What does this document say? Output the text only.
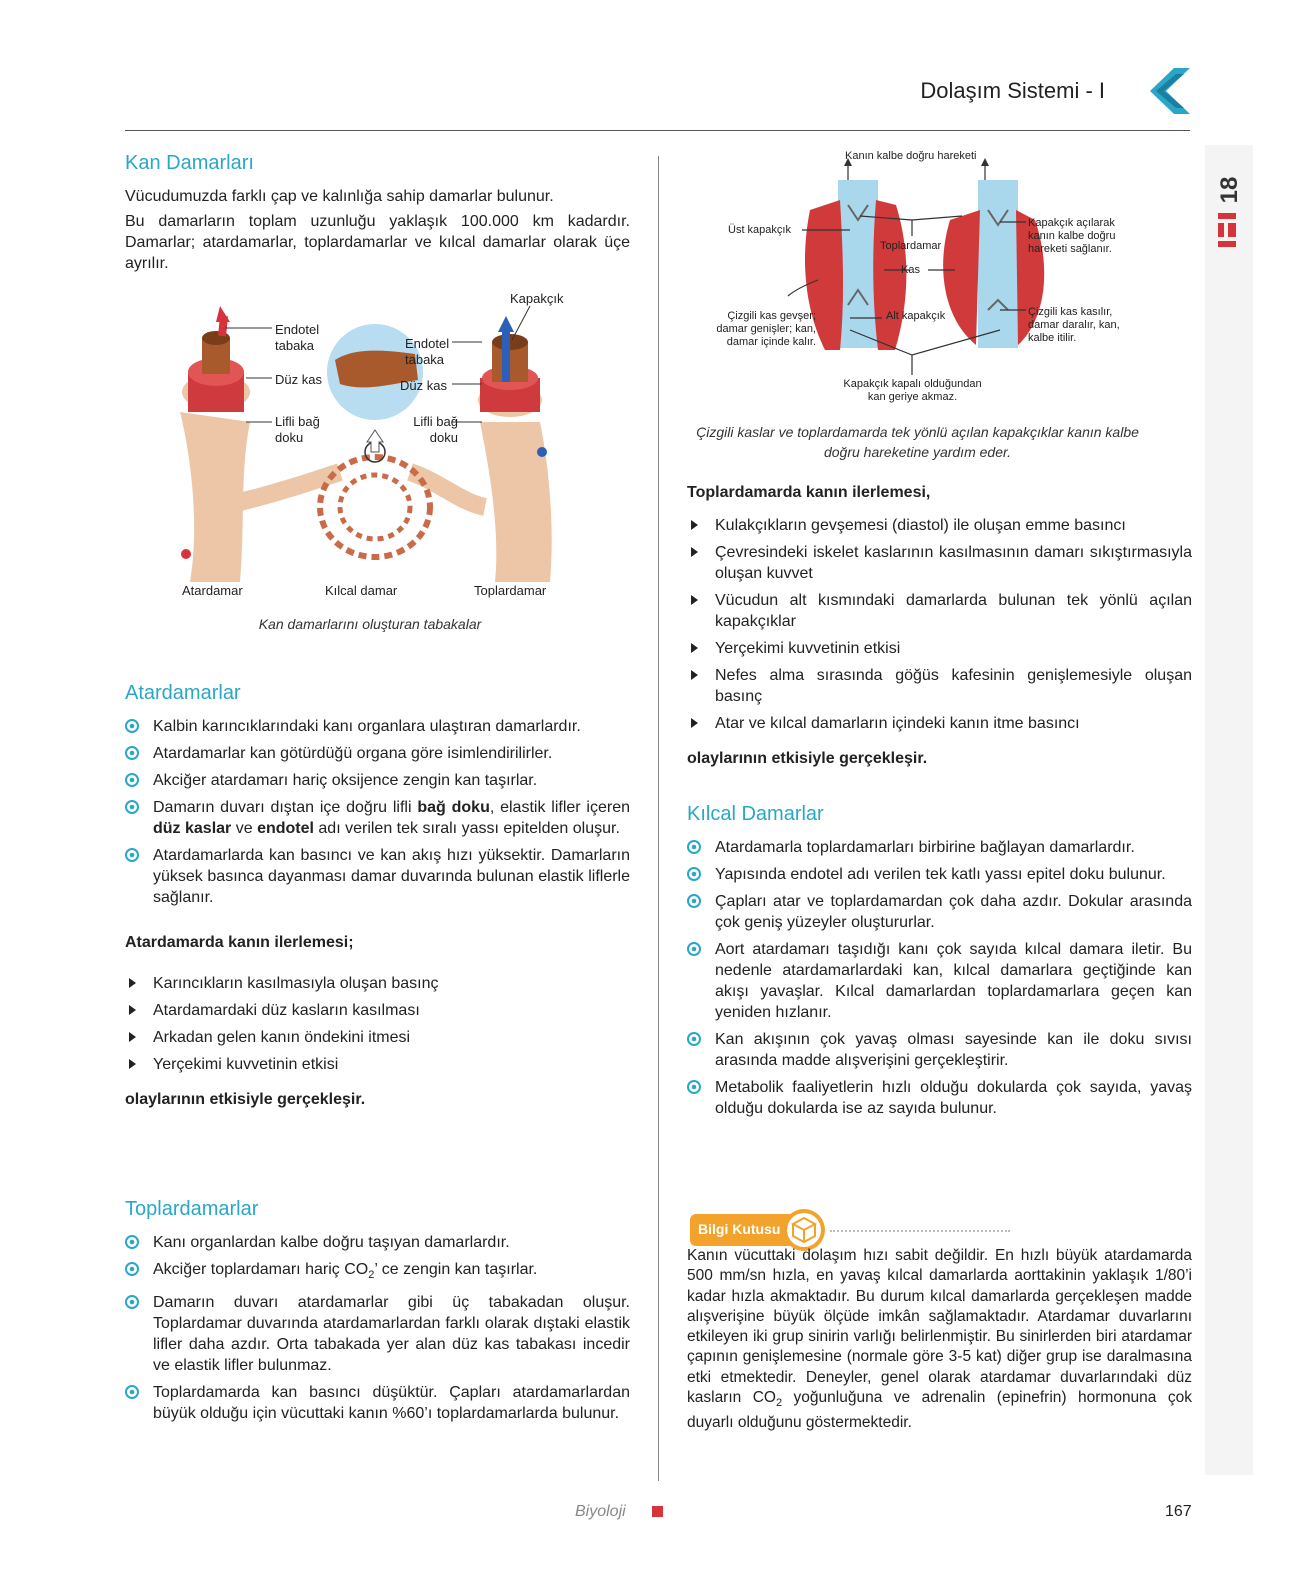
Dolaşım Sistemi - I
18
Kan Damarları

Vücudumuzda farklı çap ve kalınlığa sahip damarlar bulunur.

Bu damarların toplam uzunluğu yaklaşık 100.000 km kadardır. Damarlar; atardamarlar, toplardamarlar ve kılcal damarlar olarak üçe ayrılır.

Kapakçık
Endotel tabaka
Düz kas
Lifli bağ doku
Endotel tabaka
Düz kas
Lifli bağ doku
Atardamar	Kılcal damar	Toplardamar
Kan damarlarını oluşturan tabakalar
Atardamarlar
Kalbin karıncıklarındaki kanı organlara ulaştıran damarlardır.
Atardamarlar kan götürdüğü organa göre isimlendirilirler.
Akciğer atardamarı hariç oksijence zengin kan taşırlar.
Damarın duvarı dıştan içe doğru lifli bağ doku, elastik lifler içeren düz kaslar ve endotel adı verilen tek sıralı yassı epitelden oluşur.
Atardamarlarda kan basıncı ve kan akış hızı yüksektir. Damarların yüksek basınca dayanması damar duvarında bulunan elastik liflerle sağlanır.

Atardamarda kanın ilerlemesi;

Karıncıkların kasılmasıyla oluşan basınç
Atardamardaki düz kasların kasılması
Arkadan gelen kanın öndekini itmesi
Yerçekimi kuvvetinin etkisi

olaylarının etkisiyle gerçekleşir.

Toplardamarlar
Kanı organlardan kalbe doğru taşıyan damarlardır.
Akciğer toplardamarı hariç $CO_2$’ ce zengin kan taşırlar.
Damarın duvarı atardamarlar gibi üç tabakadan oluşur. Toplardamar duvarında atardamarlardan farklı olarak dıştaki elastik lifler daha azdır. Orta tabakada yer alan düz kas tabakası incedir ve elastik lifler bulunmaz.
Toplardamarda kan basıncı düşüktür. Çapları atardamarlardan büyük olduğu için vücuttaki kanın %60’ı toplardamarlarda bulunur.
Kanın kalbe doğru hareketi
Üst kapakçık
Toplardamar
Kas
Kapakçık açılarak kanın kalbe doğru hareketi sağlanır.
Çizgili kas gevşer; damar genişler; kan, damar içinde kalır.
Alt kapakçık	Çizgili kas kasılır, damar daralır, kan, kalbe itilir.
Kapakçık kapalı olduğundan kan geriye akmaz.
Çizgili kaslar ve toplardamarda tek yönlü açılan kapakçıklar kanın kalbe doğru hareketine yardım eder.

Toplardamarda kanın ilerlemesi,

Kulakçıkların gevşemesi (diastol) ile oluşan emme basıncı
Çevresindeki iskelet kaslarının kasılmasının damarı sıkıştırmasıyla oluşan kuvvet
Vücudun alt kısmındaki damarlarda bulunan tek yönlü açılan kapakçıklar
Yerçekimi kuvvetinin etkisi
Nefes alma sırasında göğüs kafesinin genişlemesiyle oluşan basınç
Atar ve kılcal damarların içindeki kanın itme basıncı

olaylarının etkisiyle gerçekleşir.

Kılcal Damarlar
Atardamarla toplardamarları birbirine bağlayan damarlardır.
Yapısında endotel adı verilen tek katlı yassı epitel doku bulunur.
Çapları atar ve toplardamardan çok daha azdır. Dokular arasında çok geniş yüzeyler oluştururlar.
Aort atardamarı taşıdığı kanı çok sayıda kılcal damara iletir. Bu nedenle atardamarlardaki kan, kılcal damarlara geçtiğinde kan akışı yavaşlar. Kılcal damarlardan toplardamarlara geçen kan yeniden hızlanır.
Kan akışının çok yavaş olması sayesinde kan ile doku sıvısı arasında madde alışverişini gerçekleştirir.
Metabolik faaliyetlerin hızlı olduğu dokularda çok sayıda, yavaş olduğu dokularda ise az sayıda bulunur.
Bilgi Kutusu

Kanın vücuttaki dolaşım hızı sabit değildir. En hızlı büyük atardamarda 500 mm/sn hızla, en yavaş kılcal damarlarda aorttakinin yaklaşık 1/80’i kadar hızla akmaktadır. Bu durum kılcal damarlarda gerçekleşen madde alışverişine büyük ölçüde imkân sağlamaktadır. Atardamar duvarlarını etkileyen iki grup sinirin varlığı belirlenmiştir. Bu sinirlerden biri atardamar çapının genişlemesine (normale göre 3-5 kat) diğer grup ise daralmasına etki etmektedir. Deneyler, genel olarak atardamar duvarlarındaki düz kasların $CO_2$ yoğunluğuna ve adrenalin (epinefrin) hormonuna çok duyarlı olduğunu göstermektedir.

Biyoloji	167
